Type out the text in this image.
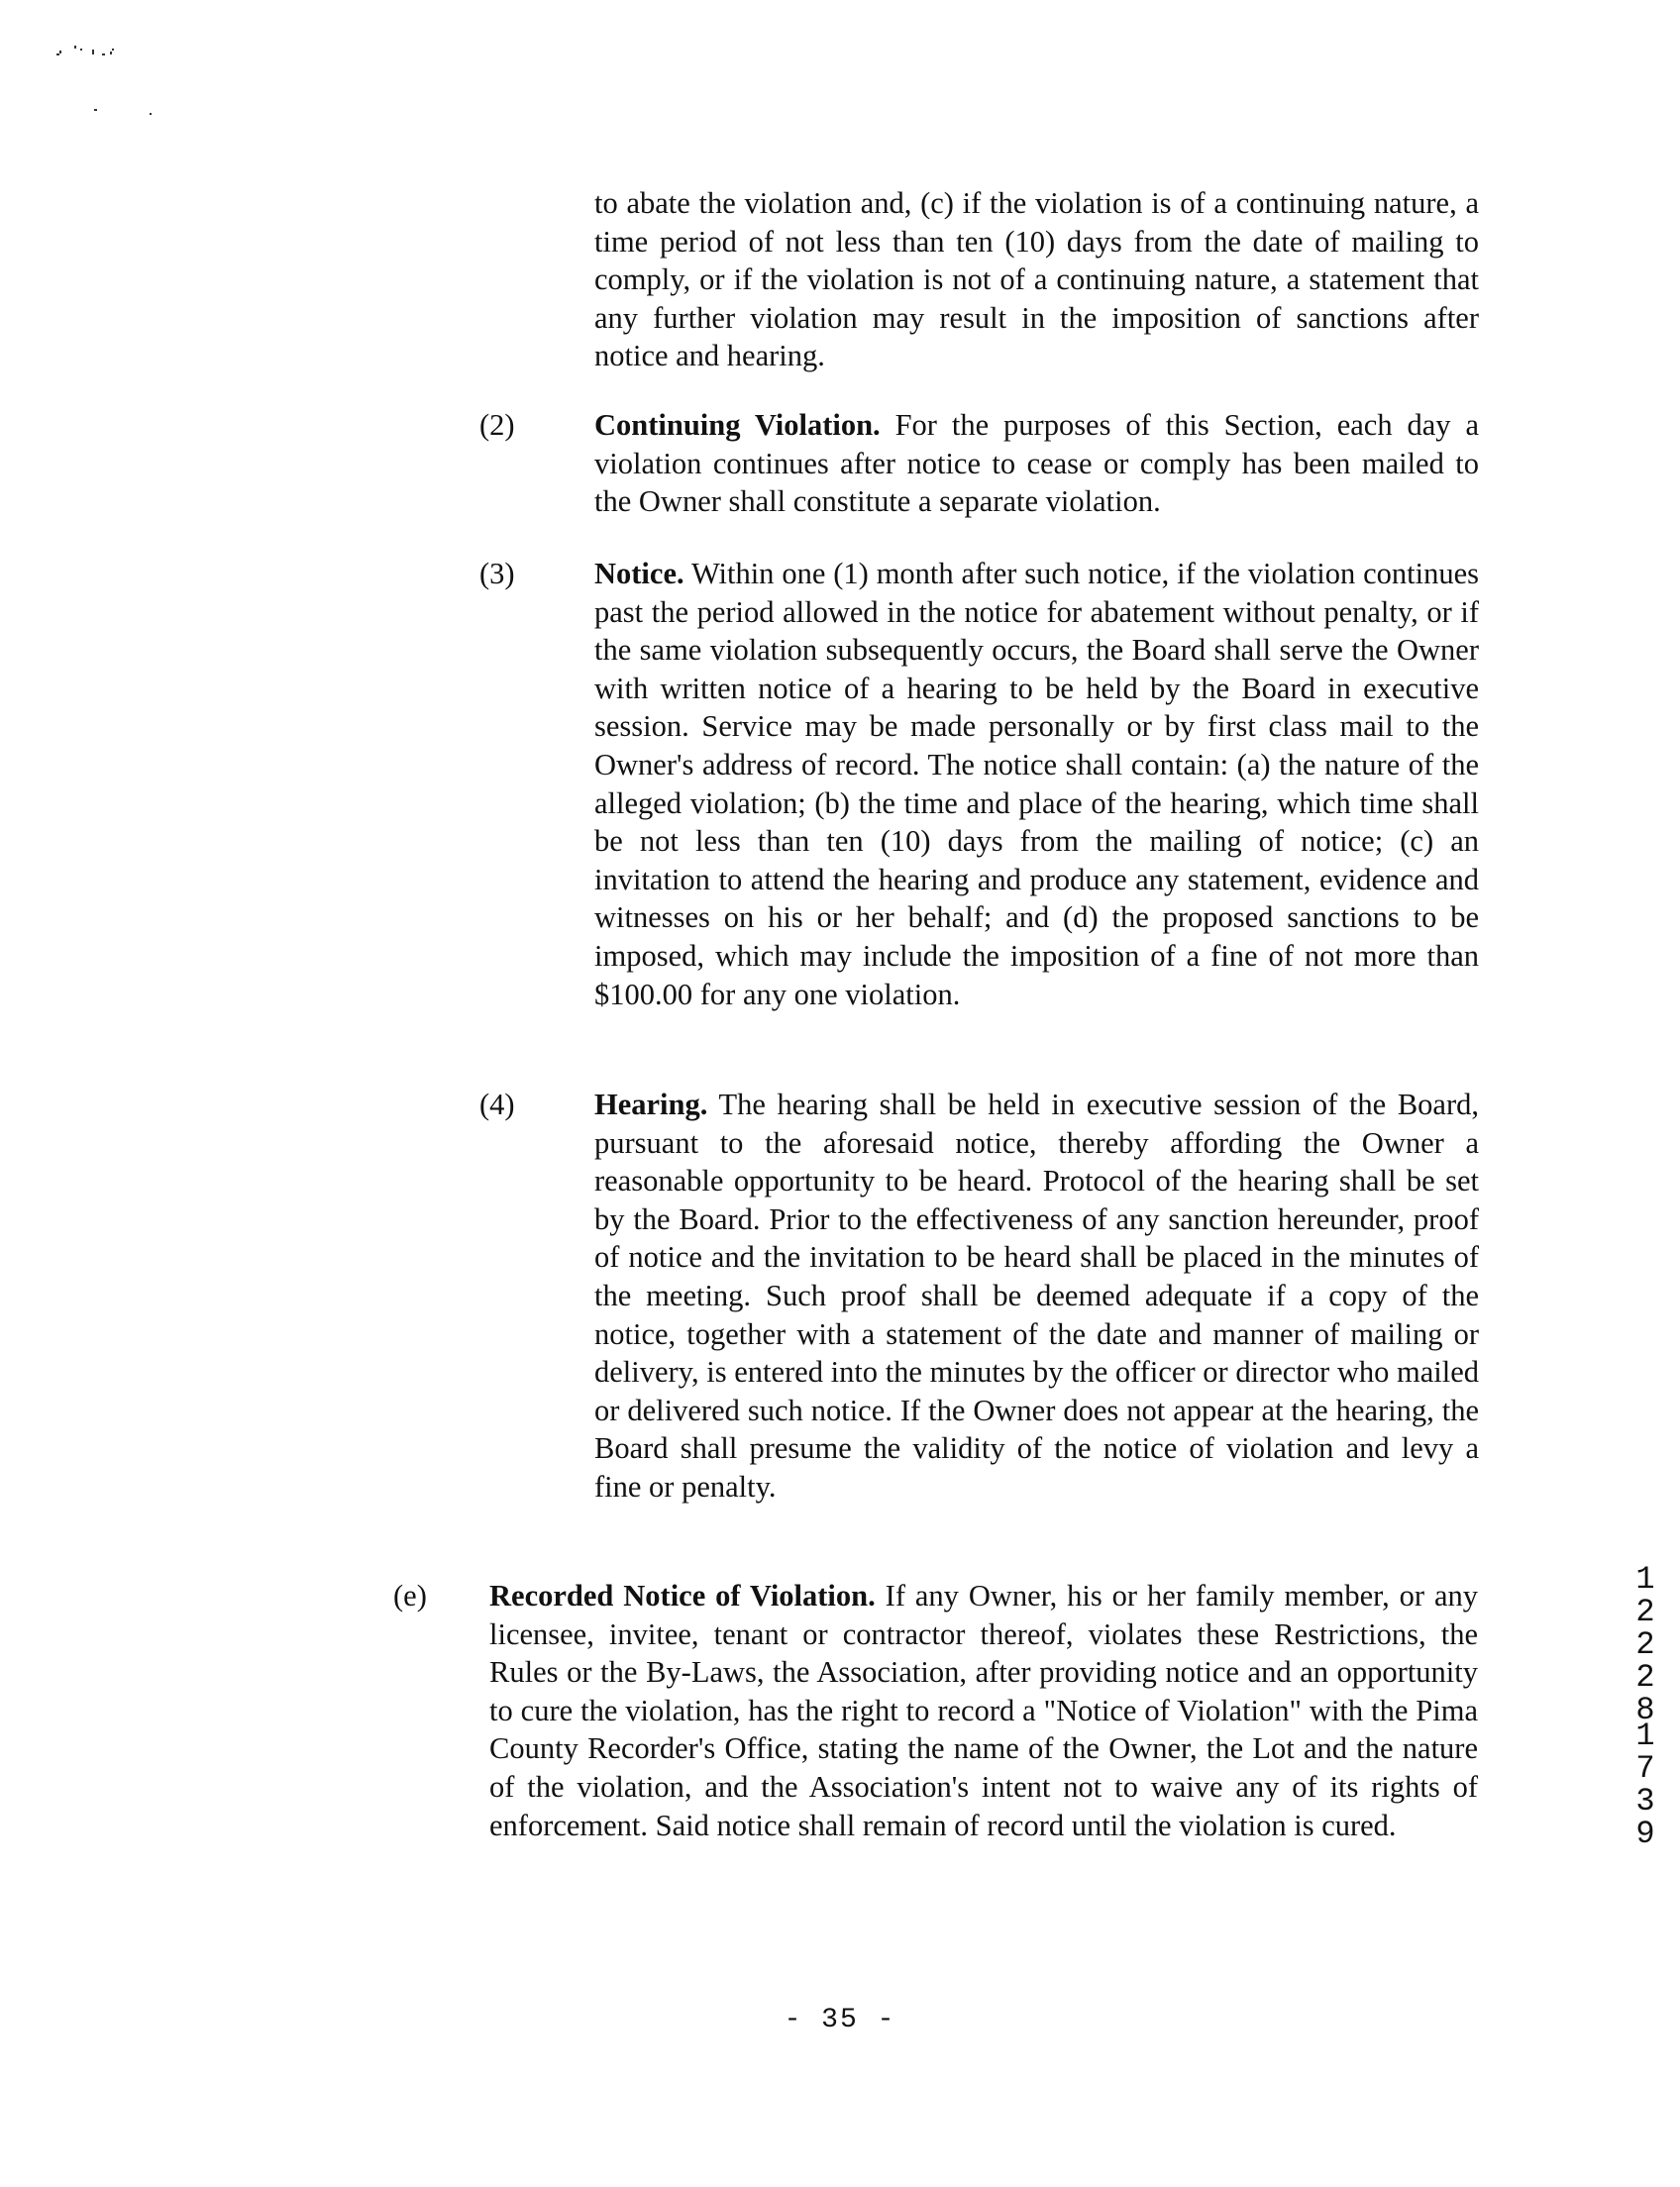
to abate the violation and, (c) if the violation is of a continuing nature, a time period of not less than ten (10) days from the date of mailing to comply, or if the violation is not of a continuing nature, a statement that any further violation may result in the imposition of sanctions after notice and hearing.

(2)	Continuing Violation. For the purposes of this Section, each day a violation continues after notice to cease or comply has been mailed to the Owner shall constitute a separate violation.

(3)	Notice. Within one (1) month after such notice, if the violation continues past the period allowed in the notice for abatement without penalty, or if the same violation subsequently occurs, the Board shall serve the Owner with written notice of a hearing to be held by the Board in executive session. Service may be made personally or by first class mail to the Owner's address of record. The notice shall contain: (a) the nature of the alleged violation; (b) the time and place of the hearing, which time shall be not less than ten (10) days from the mailing of notice; (c) an invitation to attend the hearing and produce any statement, evidence and witnesses on his or her behalf; and (d) the proposed sanctions to be imposed, which may include the imposition of a fine of not more than $100.00 for any one violation.

(4)	Hearing. The hearing shall be held in executive session of the Board, pursuant to the aforesaid notice, thereby affording the Owner a reasonable opportunity to be heard. Protocol of the hearing shall be set by the Board. Prior to the effectiveness of any sanction hereunder, proof of notice and the invitation to be heard shall be placed in the minutes of the meeting. Such proof shall be deemed adequate if a copy of the notice, together with a statement of the date and manner of mailing or delivery, is entered into the minutes by the officer or director who mailed or delivered such notice. If the Owner does not appear at the hearing, the Board shall presume the validity of the notice of violation and levy a fine or penalty.

(e) Recorded Notice of Violation. If any Owner, his or her family member, or any licensee, invitee, tenant or contractor thereof, violates these Restrictions, the Rules or the By-Laws, the Association, after providing notice and an opportunity to cure the violation, has the right to record a "Notice of Violation" with the Pima County Recorder's Office, stating the name of the Owner, the Lot and the nature of the violation, and the Association's intent not to waive any of its rights of enforcement. Said notice shall remain of record until the violation is cured.

1
2
2
2
8
1
7
3
9
- 35 -
